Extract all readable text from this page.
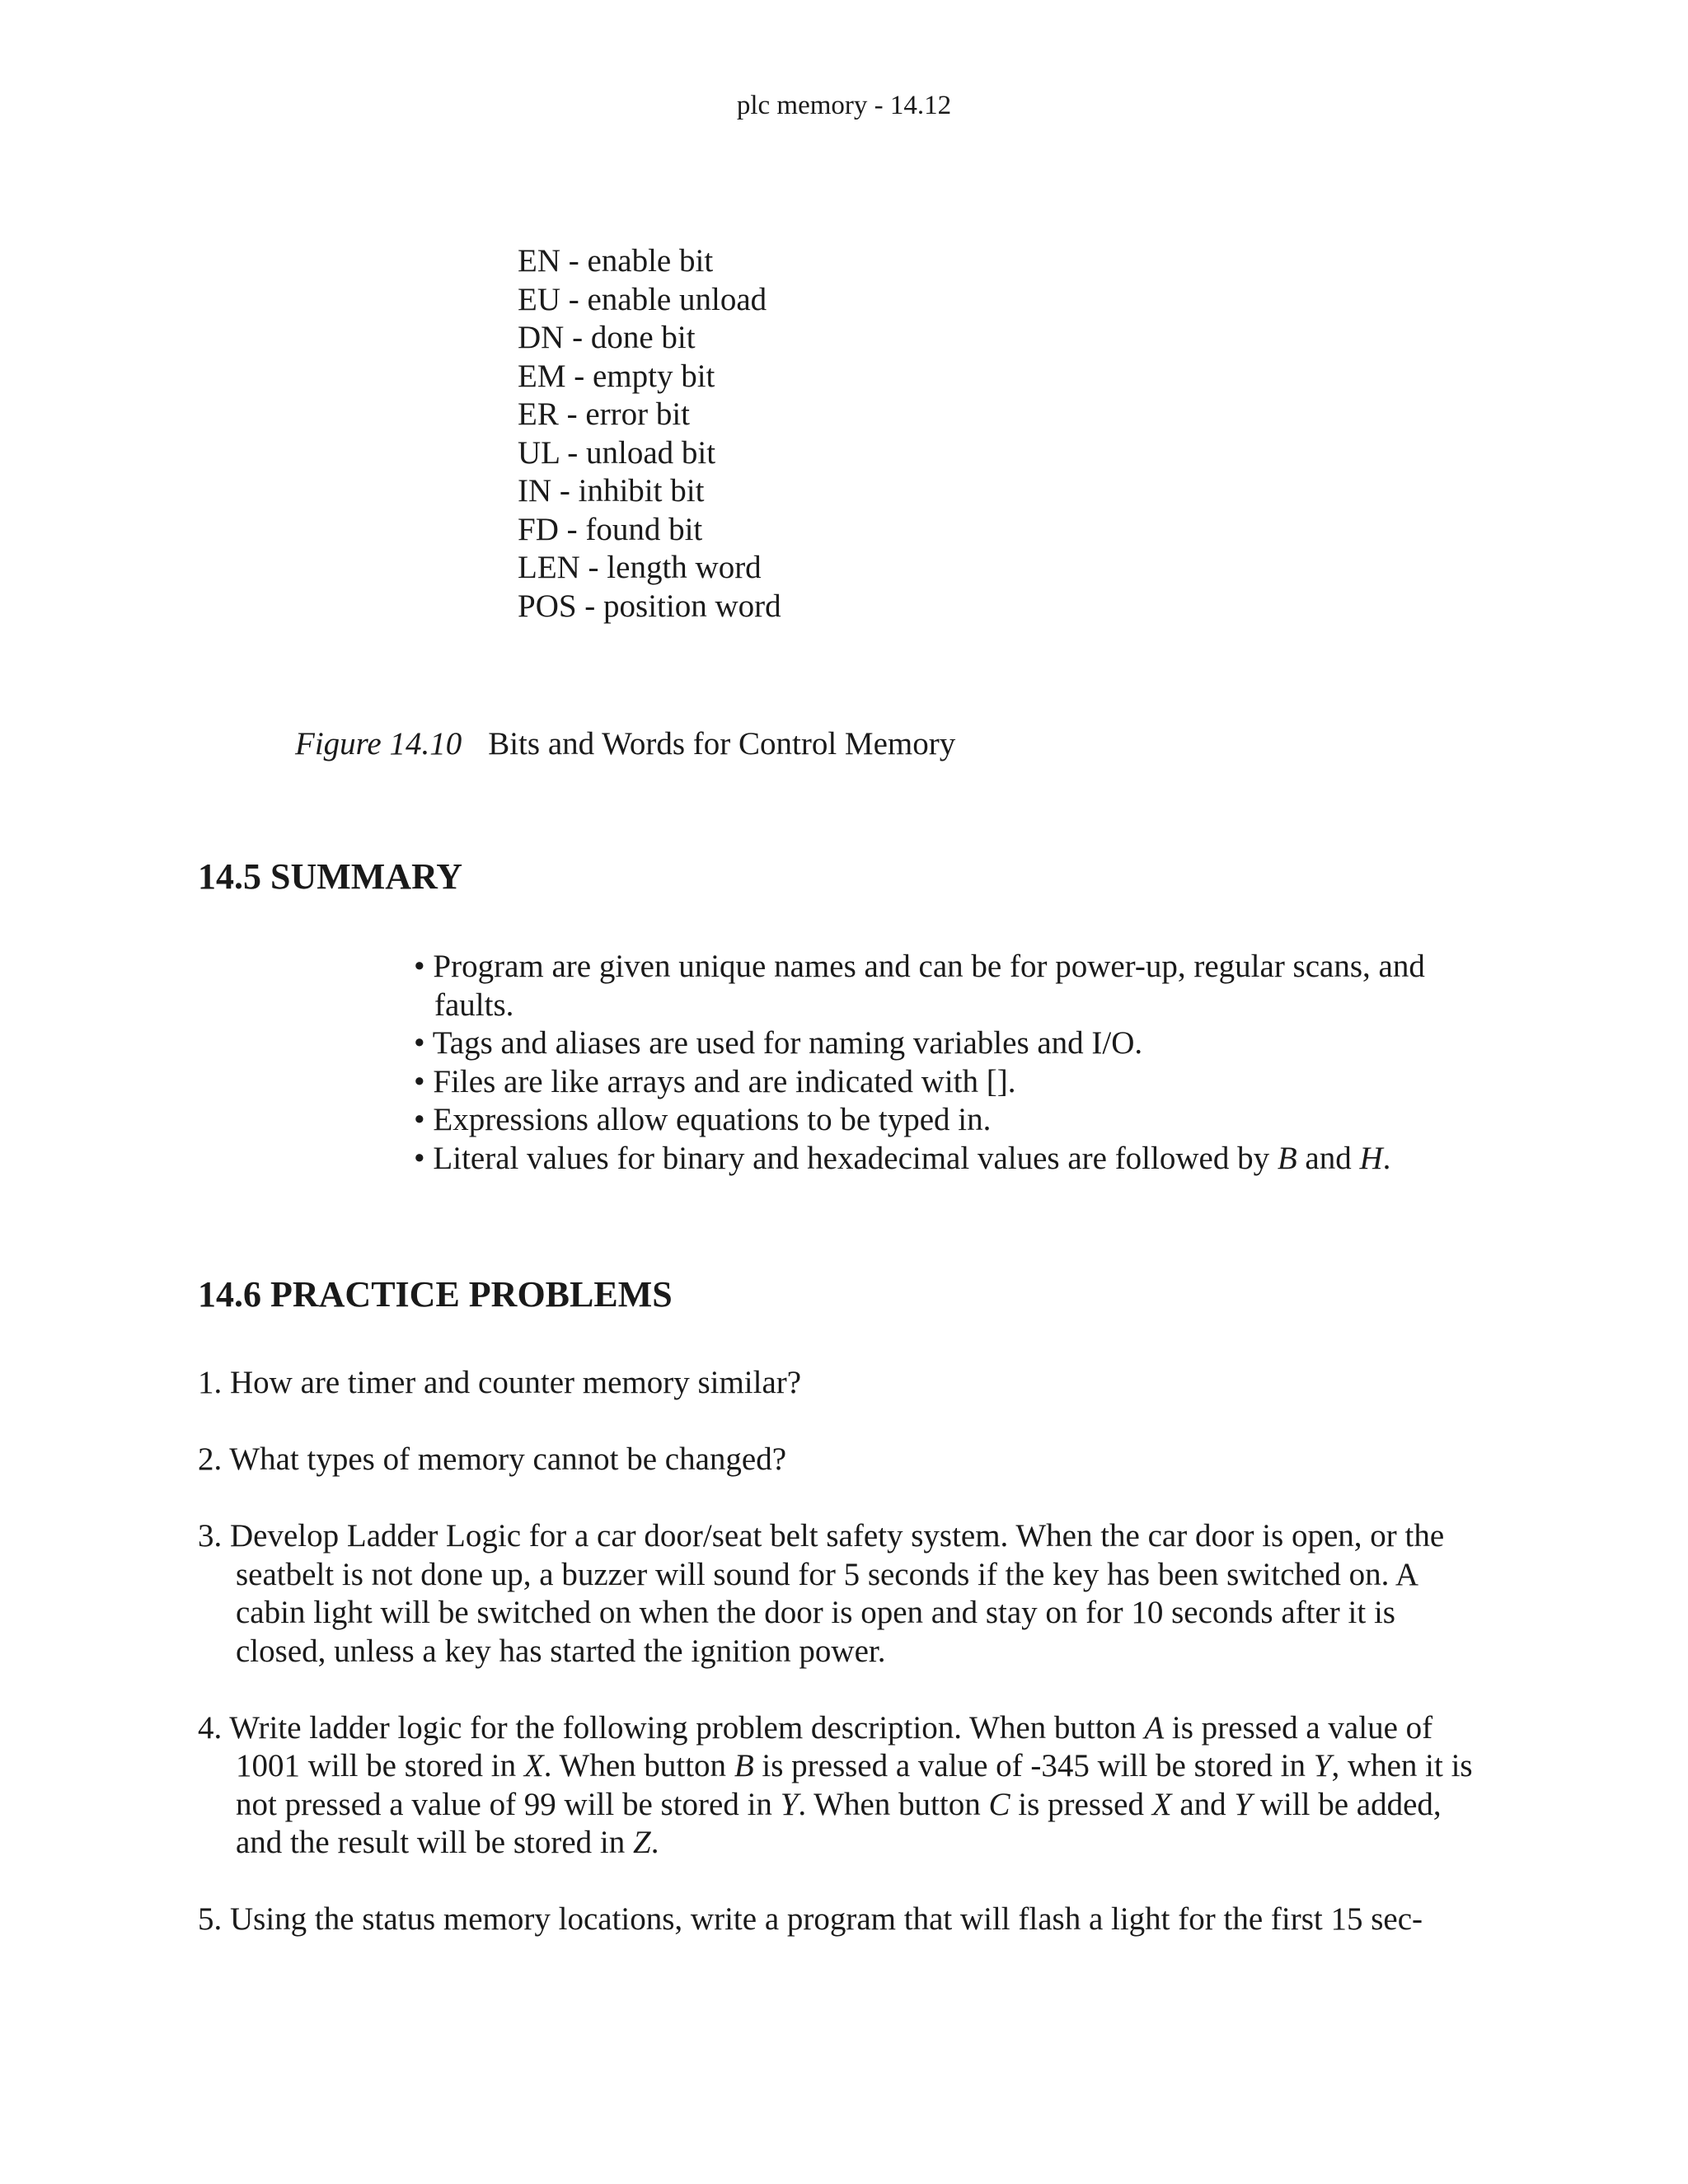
plc memory - 14.12
EN - enable bit
EU - enable unload
DN - done bit
EM - empty bit
ER - error bit
UL - unload bit
IN - inhibit bit
FD - found bit
LEN - length word
POS - position word
Figure 14.10 Bits and Words for Control Memory
14.5 SUMMARY
• Program are given unique names and can be for power-up, regular scans, and faults.
• Tags and aliases are used for naming variables and I/O.
• Files are like arrays and are indicated with [].
• Expressions allow equations to be typed in.
• Literal values for binary and hexadecimal values are followed by B and H.
14.6 PRACTICE PROBLEMS
1. How are timer and counter memory similar?
2. What types of memory cannot be changed?
3. Develop Ladder Logic for a car door/seat belt safety system. When the car door is open, or the seatbelt is not done up, a buzzer will sound for 5 seconds if the key has been switched on. A cabin light will be switched on when the door is open and stay on for 10 seconds after it is closed, unless a key has started the ignition power.
4. Write ladder logic for the following problem description. When button A is pressed a value of 1001 will be stored in X. When button B is pressed a value of -345 will be stored in Y, when it is not pressed a value of 99 will be stored in Y. When button C is pressed X and Y will be added, and the result will be stored in Z.
5. Using the status memory locations, write a program that will flash a light for the first 15 sec-
